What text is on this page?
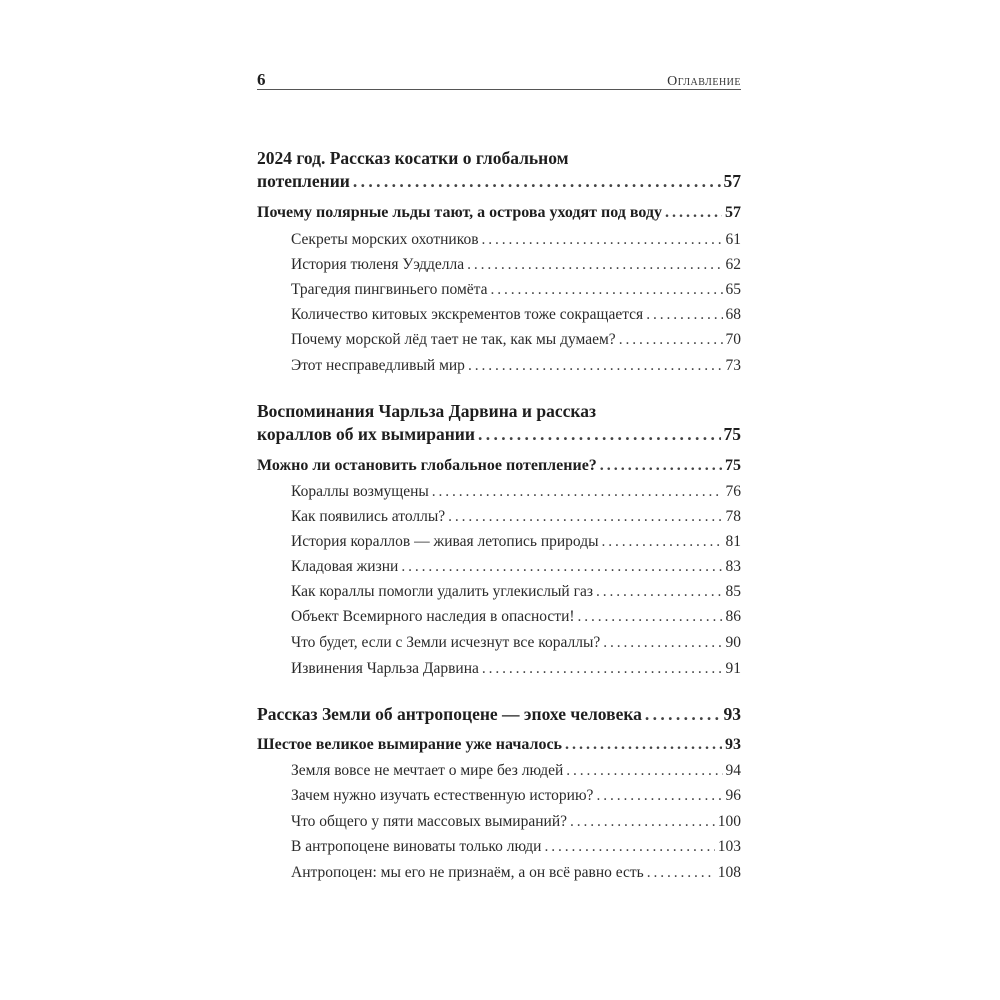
6	Оглавление
2024 год. Рассказ косатки о глобальном
потеплении . . .	57
Почему полярные льды тают, а острова уходят под воду . . .	57
Секреты морских охотников . . .	61
История тюленя Уэдделла . . .	62
Трагедия пингвиньего помёта . . .	65
Количество китовых экскрементов тоже сокращается . . .	68
Почему морской лёд тает не так, как мы думаем? . . .	70
Этот несправедливый мир . . .	73
Воспоминания Чарльза Дарвина и рассказ
кораллов об их вымирании . . .	75
Можно ли остановить глобальное потепление? . . .	75
Кораллы возмущены . . .	76
Как появились атоллы? . . .	78
История кораллов — живая летопись природы . . .	81
Кладовая жизни . . .	83
Как кораллы помогли удалить углекислый газ . . .	85
Объект Всемирного наследия в опасности! . . .	86
Что будет, если с Земли исчезнут все кораллы? . . .	90
Извинения Чарльза Дарвина . . .	91
Рассказ Земли об антропоцене — эпохе человека . . .	93
Шестое великое вымирание уже началось . . .	93
Земля вовсе не мечтает о мире без людей . . .	94
Зачем нужно изучать естественную историю? . . .	96
Что общего у пяти массовых вымираний? . . .	100
В антропоцене виноваты только люди . . .	103
Антропоцен: мы его не признаём, а он всё равно есть . . .	108
